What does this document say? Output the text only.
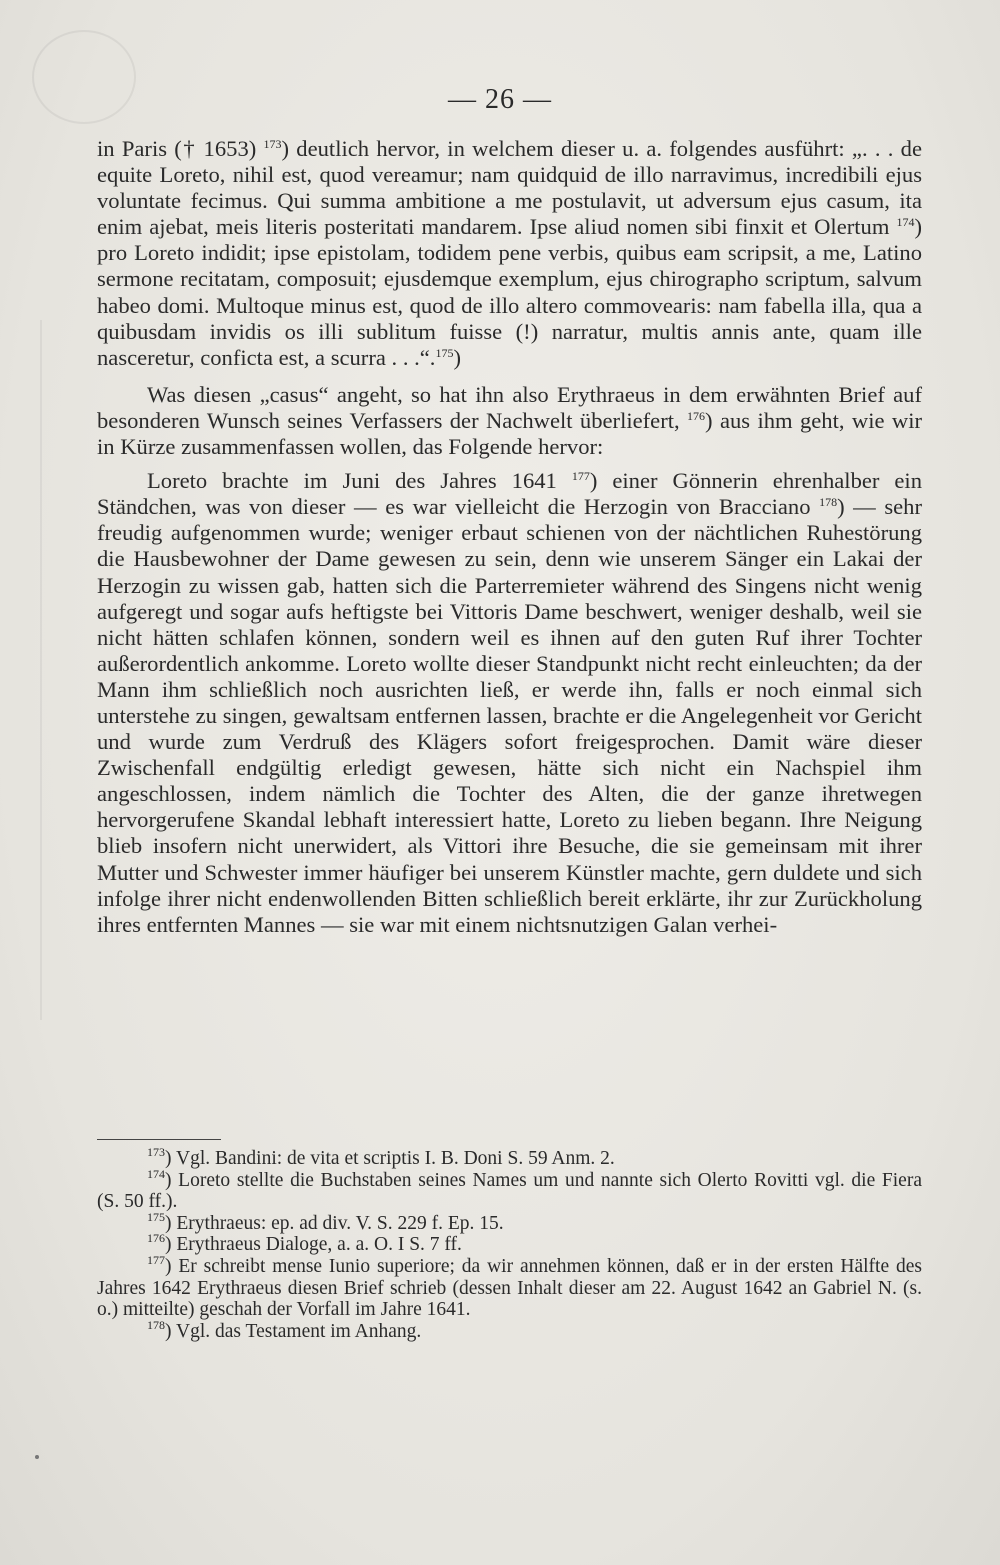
— 26 —

in Paris († 1653) $^{173}$) deutlich hervor, in welchem dieser u. a. folgendes ausführt: „. . . de equite Loreto, nihil est, quod vereamur; nam quidquid de illo narravimus, incredibili ejus voluntate fecimus. Qui summa ambitione a me postulavit, ut adversum ejus casum, ita enim ajebat, meis literis posteritati mandarem. Ipse aliud nomen sibi finxit et Olertum $^{174}$) pro Loreto indidit; ipse epistolam, todidem pene verbis, quibus eam scripsit, a me, Latino sermone recitatam, composuit; ejusdemque exemplum, ejus chirographo scriptum, salvum habeo domi. Multoque minus est, quod de illo altero commovearis: nam fabella illa, qua a quibusdam invidis os illi sublitum fuisse (!) narratur, multis annis ante, quam ille nasceretur, conficta est, a scurra . . .“.$^{175}$)

Was diesen „casus“ angeht, so hat ihn also Erythraeus in dem erwähnten Brief auf besonderen Wunsch seines Verfassers der Nachwelt überliefert, $^{176}$) aus ihm geht, wie wir in Kürze zusammenfassen wollen, das Folgende hervor:

Loreto brachte im Juni des Jahres 1641 $^{177}$) einer Gönnerin ehrenhalber ein Ständchen, was von dieser — es war vielleicht die Herzogin von Bracciano $^{178}$) — sehr freudig aufgenommen wurde; weniger erbaut schienen von der nächtlichen Ruhestörung die Hausbewohner der Dame gewesen zu sein, denn wie unserem Sänger ein Lakai der Herzogin zu wissen gab, hatten sich die Parterremieter während des Singens nicht wenig aufgeregt und sogar aufs heftigste bei Vittoris Dame beschwert, weniger deshalb, weil sie nicht hätten schlafen können, sondern weil es ihnen auf den guten Ruf ihrer Tochter außerordentlich ankomme. Loreto wollte dieser Standpunkt nicht recht einleuchten; da der Mann ihm schließlich noch ausrichten ließ, er werde ihn, falls er noch einmal sich unterstehe zu singen, gewaltsam entfernen lassen, brachte er die Angelegenheit vor Gericht und wurde zum Verdruß des Klägers sofort freigesprochen. Damit wäre dieser Zwischenfall endgültig erledigt gewesen, hätte sich nicht ein Nachspiel ihm angeschlossen, indem nämlich die Tochter des Alten, die der ganze ihretwegen hervorgerufene Skandal lebhaft interessiert hatte, Loreto zu lieben begann. Ihre Neigung blieb insofern nicht unerwidert, als Vittori ihre Besuche, die sie gemeinsam mit ihrer Mutter und Schwester immer häufiger bei unserem Künstler machte, gern duldete und sich infolge ihrer nicht endenwollenden Bitten schließlich bereit erklärte, ihr zur Zurückholung ihres entfernten Mannes — sie war mit einem nichtsnutzigen Galan verhei-

$^{173}$) Vgl. Bandini: de vita et scriptis I. B. Doni S. 59 Anm. 2.

$^{174}$) Loreto stellte die Buchstaben seines Names um und nannte sich Olerto Rovitti vgl. die Fiera (S. 50 ff.).

$^{175}$) Erythraeus: ep. ad div. V. S. 229 f. Ep. 15.

$^{176}$) Erythraeus Dialoge, a. a. O. I S. 7 ff.

$^{177}$) Er schreibt mense Iunio superiore; da wir annehmen können, daß er in der ersten Hälfte des Jahres 1642 Erythraeus diesen Brief schrieb (dessen Inhalt dieser am 22. August 1642 an Gabriel N. (s. o.) mitteilte) geschah der Vorfall im Jahre 1641.

$^{178}$) Vgl. das Testament im Anhang.
